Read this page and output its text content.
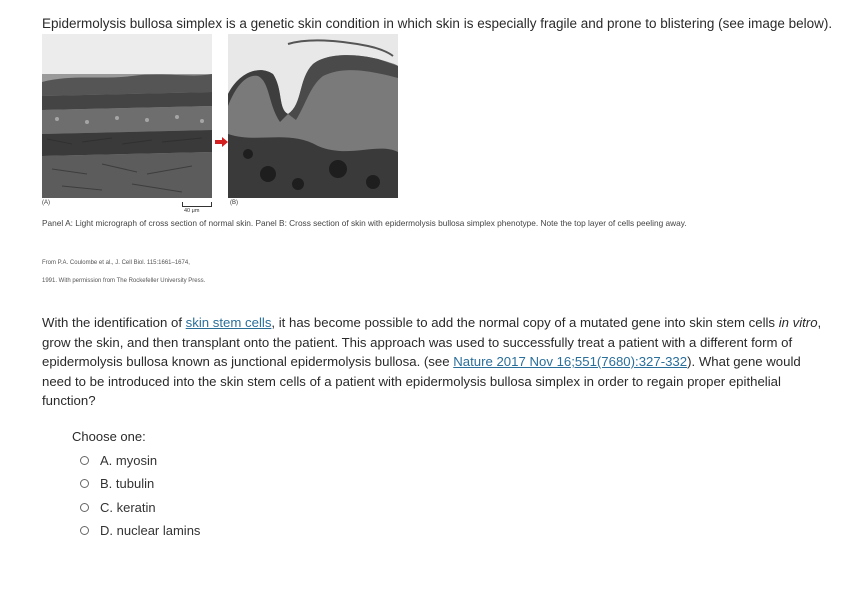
Epidermolysis bullosa simplex is a genetic skin condition in which skin is especially fragile and prone to blistering (see image below).
(A)	(B)
40 μm
Panel A: Light micrograph of cross section of normal skin. Panel B: Cross section of skin with epidermolysis bullosa simplex phenotype. Note the top layer of cells peeling away.
From P.A. Coulombe et al., J. Cell Biol. 115:1661–1674,
1991. With permission from The Rockefeller University Press.
With the identification of skin stem cells, it has become possible to add the normal copy of a mutated gene into skin stem cells in vitro, grow the skin, and then transplant onto the patient. This approach was used to successfully treat a patient with a different form of epidermolysis bullosa known as junctional epidermolysis bullosa. (see Nature 2017 Nov 16;551(7680):327-332). What gene would need to be introduced into the skin stem cells of a patient with epidermolysis bullosa simplex in order to regain proper epithelial function?
Choose one:
A. myosin
B. tubulin
C. keratin
D. nuclear lamins
